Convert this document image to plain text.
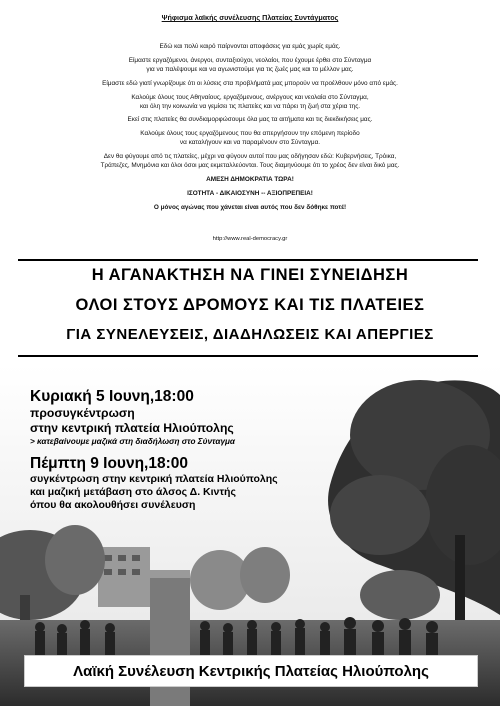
Ψήφισμα λαϊκής συνέλευσης Πλατείας Συντάγματος

Εδώ και πολύ καιρό παίρνονται αποφάσεις για εμάς χωρίς εμάς.

Είμαστε εργαζόμενοι, άνεργοι, συνταξιούχοι, νεολαίοι, που έχουμε έρθει στο Σύνταγμα
για να παλέψουμε και να αγωνιστούμε για τις ζωές μας και το μέλλον μας.

Είμαστε εδώ γιατί γνωρίζουμε ότι οι λύσεις στα προβλήματά μας μπορούν να προέλθουν μόνο από εμάς.

Καλούμε όλους τους Αθηναίους, εργαζόμενους, ανέργους και νεολαία στο Σύνταγμα,
και όλη την κοινωνία να γεμίσει τις πλατείες και να πάρει τη ζωή στα χέρια της.

Εκεί στις πλατείες θα συνδιαμορφώσουμε όλα μας τα αιτήματα και τις διεκδικήσεις μας.

Καλούμε όλους τους εργαζόμενους που θα απεργήσουν την επόμενη περίοδο
να καταλήγουν και να παραμένουν στο Σύνταγμα.

Δεν θα φύγουμε από τις πλατείες, μέχρι να φύγουν αυτοί που μας οδήγησαν εδώ: Κυβερνήσεις, Τρόικα,
Τράπεζες, Μνημόνια και όλοι όσοι μας εκμεταλλεύονται. Τους διαμηνύουμε ότι το χρέος δεν είναι δικό μας.

ΑΜΕΣΗ ΔΗΜΟΚΡΑΤΙΑ ΤΩΡΑ!

ΙΣΟΤΗΤΑ - ΔΙΚΑΙΟΣΥΝΗ -- ΑΞΙΟΠΡΕΠΕΙΑ!

Ο μόνος αγώνας που χάνεται είναι αυτός που δεν δόθηκε ποτέ!

http://www.real-democracy.gr
Η ΑΓΑΝΑΚΤΗΣΗ ΝΑ ΓΙΝΕΙ ΣΥΝΕΙΔΗΣΗ
ΟΛΟΙ ΣΤΟΥΣ ΔΡΟΜΟΥΣ ΚΑΙ ΤΙΣ ΠΛΑΤΕΙΕΣ
ΓΙΑ ΣΥΝΕΛΕΥΣΕΙΣ, ΔΙΑΔΗΛΩΣΕΙΣ ΚΑΙ ΑΠΕΡΓΙΕΣ
Κυριακή 5 Ιουνη,18:00
προσυγκέντρωση
στην κεντρική πλατεία Ηλιούπολης
> κατεβαίνουμε μαζικά στη διαδήλωση στο Σύνταγμα
Πέμπτη 9 Ιουνη,18:00
συγκέντρωση στην κεντρική πλατεία Ηλιούπολης
και μαζική μετάβαση στο άλσος Δ. Κιντής
όπου θα ακολουθήσει συνέλευση
Λαϊκή Συνέλευση Κεντρικής Πλατείας Ηλιούπολης
